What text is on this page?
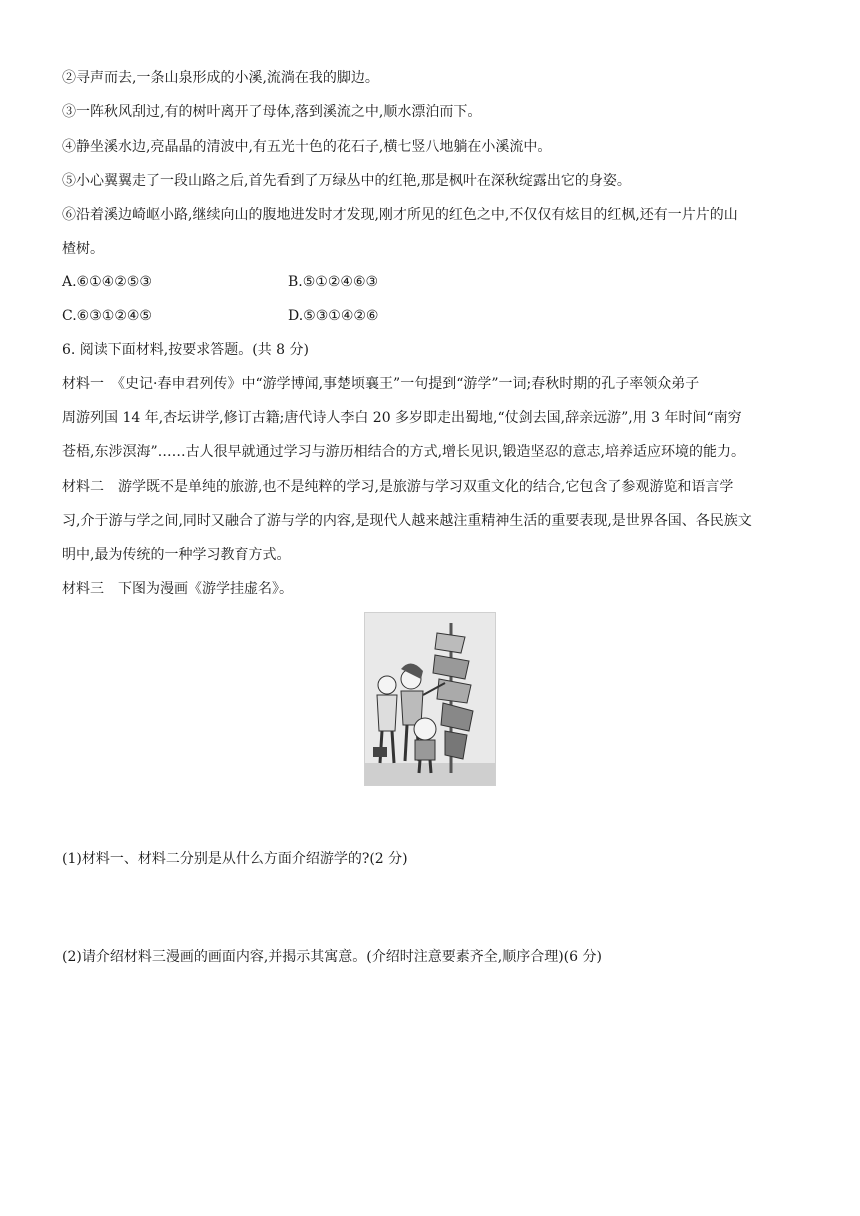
②寻声而去,一条山泉形成的小溪,流淌在我的脚边。
③一阵秋风刮过,有的树叶离开了母体,落到溪流之中,顺水漂泊而下。
④静坐溪水边,亮晶晶的清波中,有五光十色的花石子,横七竖八地躺在小溪流中。
⑤小心翼翼走了一段山路之后,首先看到了万绿丛中的红艳,那是枫叶在深秋绽露出它的身姿。
⑥沿着溪边崎岖小路,继续向山的腹地进发时才发现,刚才所见的红色之中,不仅仅有炫目的红枫,还有一片片的山
楂树。
A.⑥①④②⑤③	B.⑤①②④⑥③
C.⑥③①②④⑤	D.⑤③①④②⑥
6. 阅读下面材料,按要求答题。(共 8 分)
材料一　《史记·春申君列传》中“游学博闻,事楚顷襄王”一句提到“游学”一词;春秋时期的孔子率领众弟子
周游列国 14 年,杏坛讲学,修订古籍;唐代诗人李白 20 多岁即走出蜀地,“仗剑去国,辞亲远游”,用 3 年时间“南穷
苍梧,东涉溟海”……古人很早就通过学习与游历相结合的方式,增长见识,锻造坚忍的意志,培养适应环境的能力。
材料二　游学既不是单纯的旅游,也不是纯粹的学习,是旅游与学习双重文化的结合,它包含了参观游览和语言学
习,介于游与学之间,同时又融合了游与学的内容,是现代人越来越注重精神生活的重要表现,是世界各国、各民族文
明中,最为传统的一种学习教育方式。
材料三　下图为漫画《游学挂虚名》。
(1)材料一、材料二分别是从什么方面介绍游学的?(2 分)
(2)请介绍材料三漫画的画面内容,并揭示其寓意。(介绍时注意要素齐全,顺序合理)(6 分)
